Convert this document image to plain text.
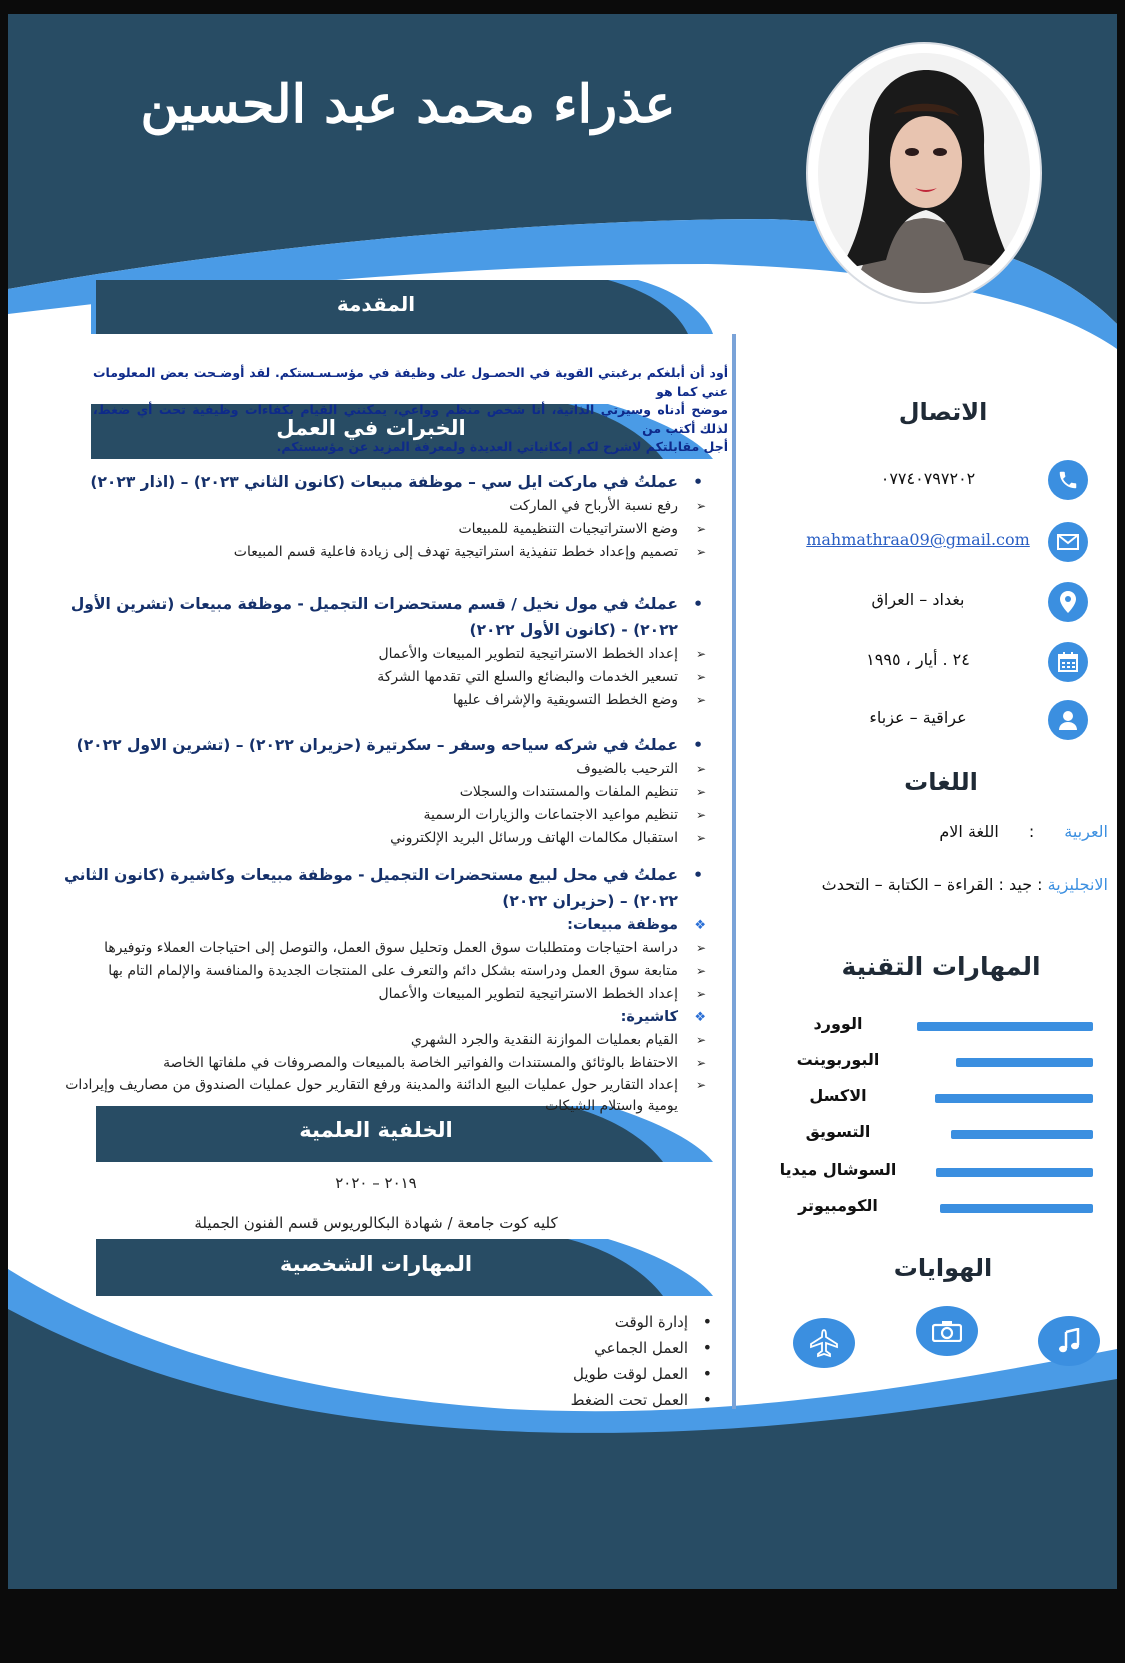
عذراء محمد عبد الحسين
المقدمة
أود أن أبلغكم برغبتي القوية في الحصـول على وظيفة في مؤسـسـستكم. لقد أوضـحت بعض المعلومات عني كما هو
موضح أدناه وسيرتي الذاتية، أنا شخص منظم وواعي، يمكنني القيام بكفاءات وظيفية تحت أي ضغط، لذلك أكتب من
أجل مقابلتكم لاشرح لكم إمكانياتي العديدة ولمعرفة المزيد عن مؤسستكم.
الخبرات في العمل
• عملتُ في ماركت ايل سي – موظفة مبيعات (كانون الثاني ٢٠٢٣) – (اذار ٢٠٢٣)
➢ رفع نسبة الأرباح في الماركت
➢ وضع الاستراتيجيات التنظيمية للمبيعات
➢ تصميم وإعداد خطط تنفيذية استراتيجية تهدف إلى زيادة فاعلية قسم المبيعات
• عملتُ في مول نخيل / قسم مستحضرات التجميل - موظفة مبيعات (تشرين الأول ٢٠٢٢) - (كانون الأول ٢٠٢٢)
➢ إعداد الخطط الاستراتيجية لتطوير المبيعات والأعمال
➢ تسعير الخدمات والبضائع والسلع التي تقدمها الشركة
➢ وضع الخطط التسويقية والإشراف عليها
• عملتُ في شركه سياحه وسفر – سكرتيرة (حزيران ٢٠٢٢) – (تشرين الاول ٢٠٢٢)
➢ الترحيب بالضيوف
➢ تنظيم الملفات والمستندات والسجلات
➢ تنظيم مواعيد الاجتماعات والزيارات الرسمية
➢ استقبال مكالمات الهاتف ورسائل البريد الإلكتروني
• عملتُ في محل لبيع مستحضرات التجميل - موظفة مبيعات وكاشيرة (كانون الثاني ٢٠٢٢) – (حزيران ٢٠٢٢)
❖ موظفة مبيعات:
➢ دراسة احتياجات ومتطلبات سوق العمل وتحليل سوق العمل، والتوصل إلى احتياجات العملاء وتوفيرها
➢ متابعة سوق العمل ودراسته بشكل دائم والتعرف على المنتجات الجديدة والمنافسة والإلمام التام بها
➢ إعداد الخطط الاستراتيجية لتطوير المبيعات والأعمال
❖ كاشيرة:
➢ القيام بعمليات الموازنة النقدية والجرد الشهري
➢ الاحتفاظ بالوثائق والمستندات والفواتير الخاصة بالمبيعات والمصروفات في ملفاتها الخاصة
➢ إعداد التقارير حول عمليات البيع الدائنة والمدينة ورفع التقارير حول عمليات الصندوق من مصاريف وإيرادات يومية واستلام الشيكات
الخلفية العلمية
٢٠١٩ – ٢٠٢٠
كليه كوت جامعة / شهادة البكالوريوس قسم الفنون الجميلة
المهارات الشخصية
• إدارة الوقت
• العمل الجماعي
• العمل لوقت طويل
• العمل تحت الضغط
الاتصال
٠٧٧٤٠٧٩٧٢٠٢
mahmathraa09@gmail.com
بغداد – العراق
٢٤ . أيار ، ١٩٩٥
عراقية – عزباء
اللغات
العربية
:
اللغة الام
الانجليزية : جيد : القراءة – الكتابة – التحدث
المهارات التقنية
الوورد
البوربوينت
الاكسل
التسويق
السوشال ميديا
الكومبيوتر
الهوايات
